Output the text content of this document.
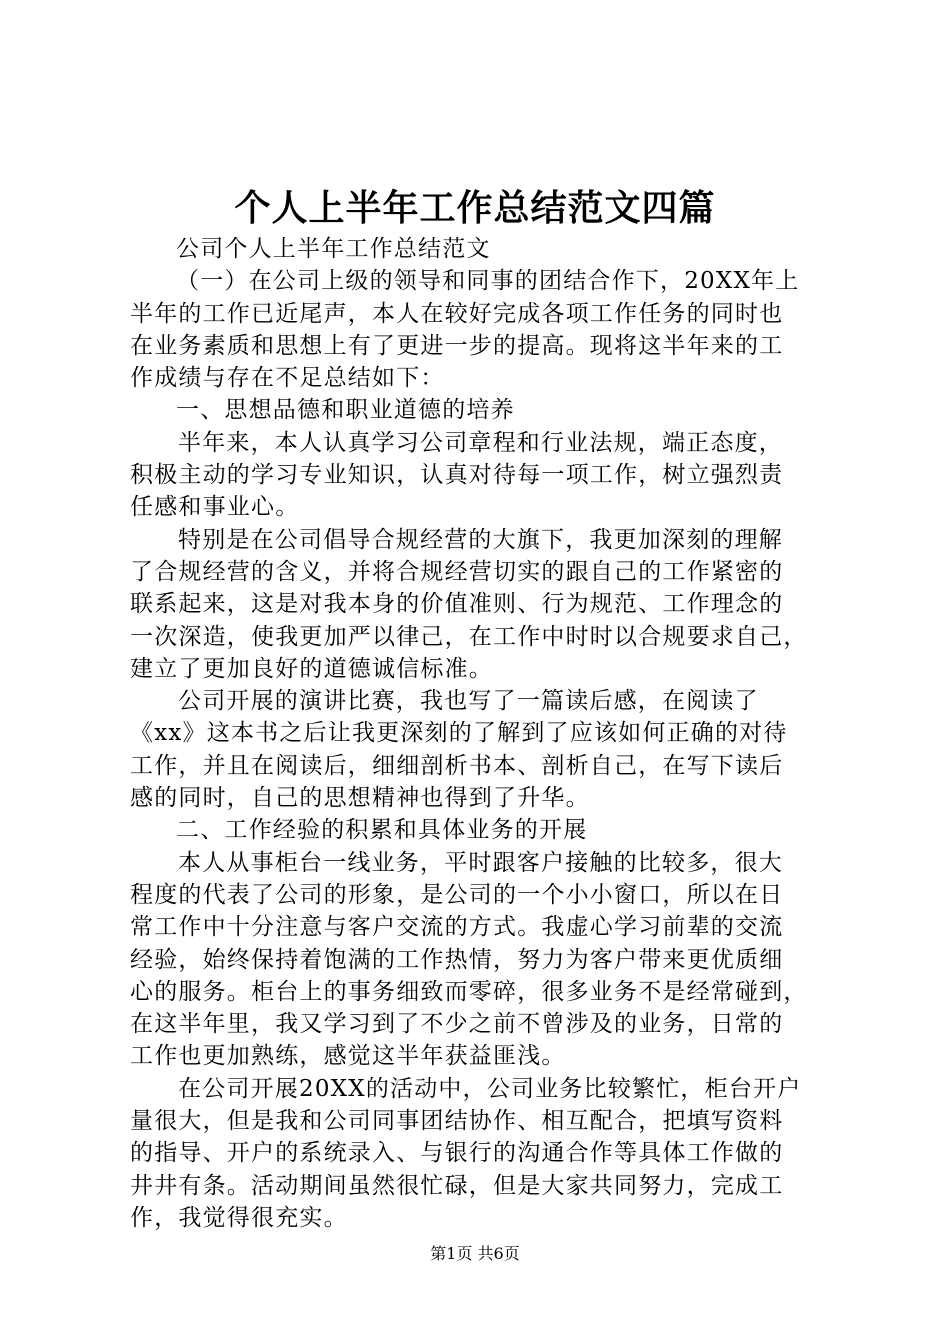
个人上半年工作总结范文四篇
公司个人上半年工作总结范文
（一）在公司上级的领导和同事的团结合作下，20XX年上
半年的工作已近尾声，本人在较好完成各项工作任务的同时也
在业务素质和思想上有了更进一步的提高。现将这半年来的工
作成绩与存在不足总结如下：
一、思想品德和职业道德的培养
半年来，本人认真学习公司章程和行业法规，端正态度，
积极主动的学习专业知识，认真对待每一项工作，树立强烈责
任感和事业心。
特别是在公司倡导合规经营的大旗下，我更加深刻的理解
了合规经营的含义，并将合规经营切实的跟自己的工作紧密的
联系起来，这是对我本身的价值准则、行为规范、工作理念的
一次深造，使我更加严以律己，在工作中时时以合规要求自己，
建立了更加良好的道德诚信标准。
公司开展的演讲比赛，我也写了一篇读后感，在阅读了
《xx》这本书之后让我更深刻的了解到了应该如何正确的对待
工作，并且在阅读后，细细剖析书本、剖析自己，在写下读后
感的同时，自己的思想精神也得到了升华。
二、工作经验的积累和具体业务的开展
本人从事柜台一线业务，平时跟客户接触的比较多，很大
程度的代表了公司的形象，是公司的一个小小窗口，所以在日
常工作中十分注意与客户交流的方式。我虚心学习前辈的交流
经验，始终保持着饱满的工作热情，努力为客户带来更优质细
心的服务。柜台上的事务细致而零碎，很多业务不是经常碰到，
在这半年里，我又学习到了不少之前不曾涉及的业务，日常的
工作也更加熟练，感觉这半年获益匪浅。
在公司开展20XX的活动中，公司业务比较繁忙，柜台开户
量很大，但是我和公司同事团结协作、相互配合，把填写资料
的指导、开户的系统录入、与银行的沟通合作等具体工作做的
井井有条。活动期间虽然很忙碌，但是大家共同努力，完成工
作，我觉得很充实。
第1页 共6页
